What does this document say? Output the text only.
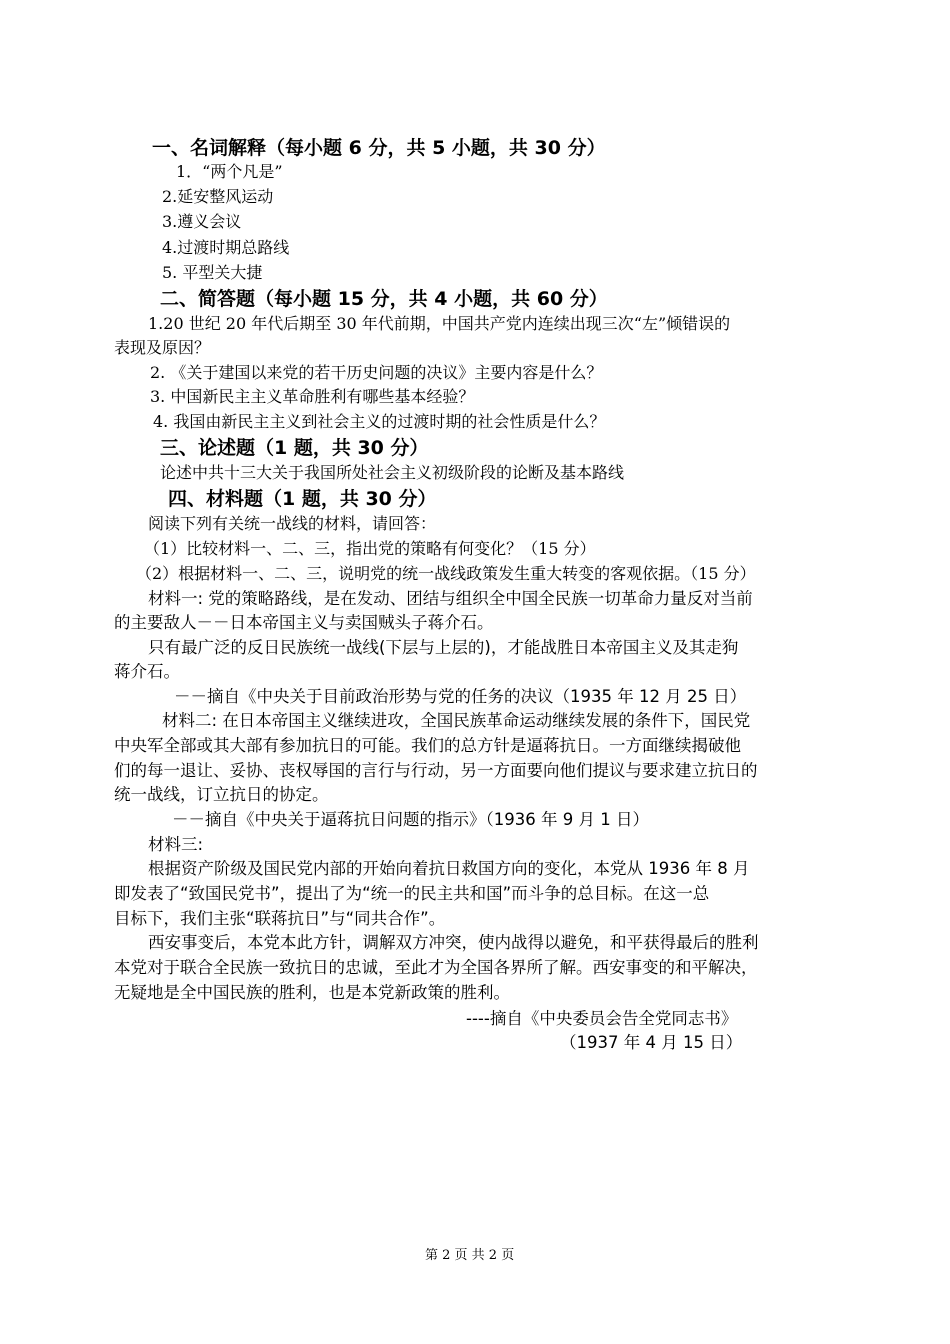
一、名词解释（每小题 6 分，共 5 小题，共 30 分）
1．“两个凡是”
2.延安整风运动
3.遵义会议
4.过渡时期总路线
5. 平型关大捷
二、简答题（每小题 15 分，共 4 小题，共 60 分）
1.20 世纪 20 年代后期至 30 年代前期，中国共产党内连续出现三次“左”倾错误的
表现及原因？
2. 《关于建国以来党的若干历史问题的决议》主要内容是什么？
3. 中国新民主主义革命胜利有哪些基本经验？
4. 我国由新民主主义到社会主义的过渡时期的社会性质是什么？
三、论述题（1 题，共 30 分）
论述中共十三大关于我国所处社会主义初级阶段的论断及基本路线
四、材料题（1 题，共 30 分）
阅读下列有关统一战线的材料，请回答：
（1）比较材料一、二、三，指出党的策略有何变化？（15 分）
（2）根据材料一、二、三，说明党的统一战线政策发生重大转变的客观依据。（15 分）
材料一: 党的策略路线，是在发动、团结与组织全中国全民族一切革命力量反对当前
的主要敌人－－日本帝国主义与卖国贼头子蒋介石。
只有最广泛的反日民族统一战线(下层与上层的)，才能战胜日本帝国主义及其走狗
蒋介石。
－－摘自《中央关于目前政治形势与党的任务的决议（1935 年 12 月 25 日）
材料二: 在日本帝国主义继续进攻，全国民族革命运动继续发展的条件下，国民党
中央军全部或其大部有参加抗日的可能。我们的总方针是逼蒋抗日。一方面继续揭破他
们的每一退让、妥协、丧权辱国的言行与行动，另一方面要向他们提议与要求建立抗日的
统一战线，订立抗日的协定。
－－摘自《中央关于逼蒋抗日问题的指示》（1936 年 9 月 1 日）
材料三:
根据资产阶级及国民党内部的开始向着抗日救国方向的变化，本党从 1936 年 8 月
即发表了“致国民党书”，提出了为“统一的民主共和国”而斗争的总目标。在这一总
目标下，我们主张“联蒋抗日”与“同共合作”。
西安事变后，本党本此方针，调解双方冲突，使内战得以避免，和平获得最后的胜利
本党对于联合全民族一致抗日的忠诚，至此才为全国各界所了解。西安事变的和平解决，
无疑地是全中国民族的胜利，也是本党新政策的胜利。
----摘自《中央委员会告全党同志书》
（1937 年 4 月 15 日）
第 2 页 共 2 页
